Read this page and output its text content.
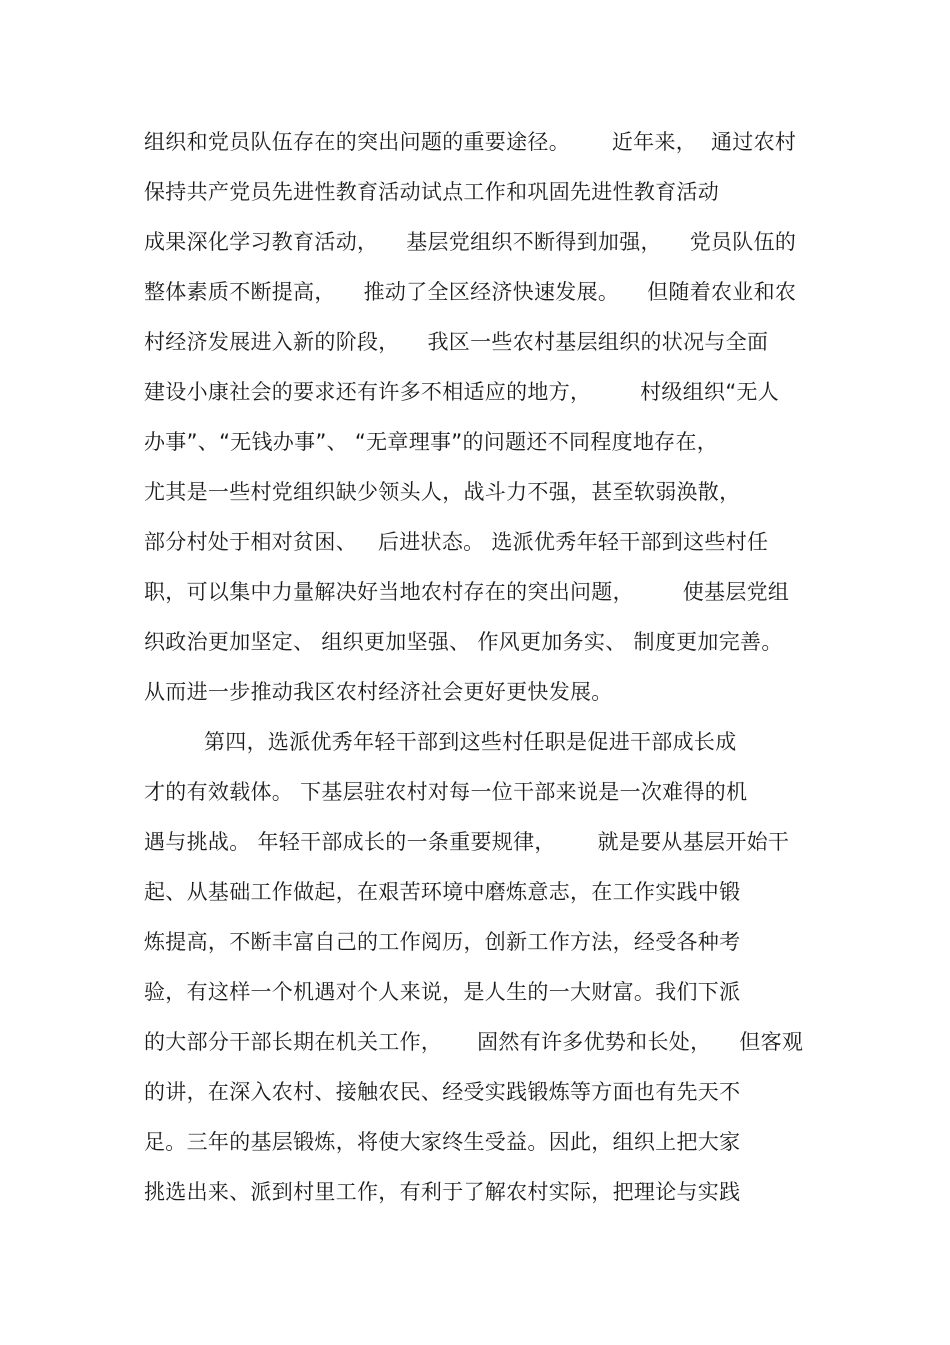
组织和党员队伍存在的突出问题的重要途径。      近年来，  通过农村
保持共产党员先进性教育活动试点工作和巩固先进性教育活动
成果深化学习教育活动，    基层党组织不断得到加强，    党员队伍的
整体素质不断提高，    推动了全区经济快速发展。    但随着农业和农
村经济发展进入新的阶段，    我区一些农村基层组织的状况与全面
建设小康社会的要求还有许多不相适应的地方，       村级组织“无人
办事”、“无钱办事”、 “无章理事”的问题还不同程度地存在，
尤其是一些村党组织缺少领头人，战斗力不强，甚至软弱涣散，
部分村处于相对贫困、   后进状态。 选派优秀年轻干部到这些村任
职，可以集中力量解决好当地农村存在的突出问题，       使基层党组
织政治更加坚定、 组织更加坚强、 作风更加务实、 制度更加完善。
从而进一步推动我区农村经济社会更好更快发展。
第四，选派优秀年轻干部到这些村任职是促进干部成长成
才的有效载体。 下基层驻农村对每一位干部来说是一次难得的机
遇与挑战。 年轻干部成长的一条重要规律，      就是要从基层开始干
起、从基础工作做起，在艰苦环境中磨炼意志，在工作实践中锻
炼提高，不断丰富自己的工作阅历，创新工作方法，经受各种考
验，有这样一个机遇对个人来说，是人生的一大财富。我们下派
的大部分干部长期在机关工作，     固然有许多优势和长处，    但客观
的讲，在深入农村、接触农民、经受实践锻炼等方面也有先天不
足。三年的基层锻炼，将使大家终生受益。因此，组织上把大家
挑选出来、派到村里工作，有利于了解农村实际，把理论与实践
